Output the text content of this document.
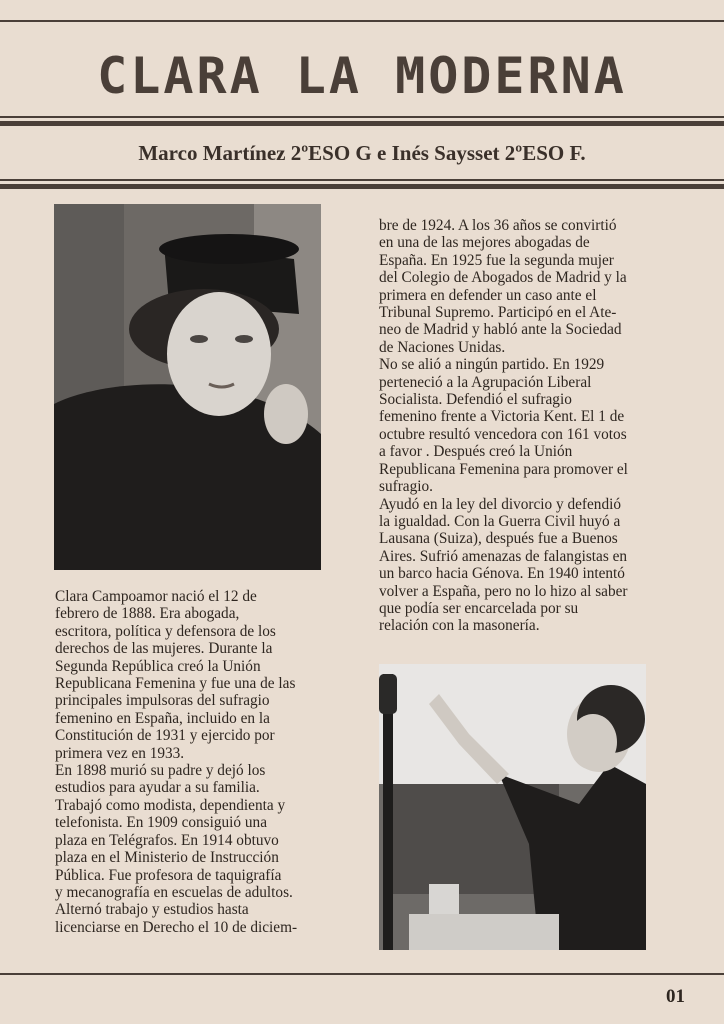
CLARA LA MODERNA
Marco Martínez 2ºESO G e Inés Saysset 2ºESO F.

Clara Campoamor nació el 12 de
febrero de 1888. Era abogada,
escritora, política y defensora de los
derechos de las mujeres. Durante la
Segunda República creó la Unión
Republicana Femenina y fue una de las
principales impulsoras del sufragio
femenino en España, incluido en la
Constitución de 1931 y ejercido por
primera vez en 1933.

En 1898 murió su padre y dejó los
estudios para ayudar a su familia.
Trabajó como modista, dependienta y
telefonista. En 1909 consiguió una
plaza en Telégrafos. En 1914 obtuvo
plaza en el Ministerio de Instrucción
Pública. Fue profesora de taquigrafía
y mecanografía en escuelas de adultos.
Alternó trabajo y estudios hasta
licenciarse en Derecho el 10 de diciem-

bre de 1924. A los 36 años se convirtió
en una de las mejores abogadas de
España. En 1925 fue la segunda mujer
del Colegio de Abogados de Madrid y la
primera en defender un caso ante el
Tribunal Supremo. Participó en el Ate-
neo de Madrid y habló ante la Sociedad
de Naciones Unidas.

No se alió a ningún partido. En 1929
perteneció a la Agrupación Liberal
Socialista. Defendió el sufragio
femenino frente a Victoria Kent. El 1 de
octubre resultó vencedora con 161 votos
a favor . Después creó la Unión
Republicana Femenina para promover el
sufragio.

Ayudó en la ley del divorcio y defendió
la igualdad. Con la Guerra Civil huyó a
Lausana (Suiza), después fue a Buenos
Aires. Sufrió amenazas de falangistas en
un barco hacia Génova. En 1940 intentó
volver a España, pero no lo hizo al saber
que podía ser encarcelada por su
relación con la masonería.

01
